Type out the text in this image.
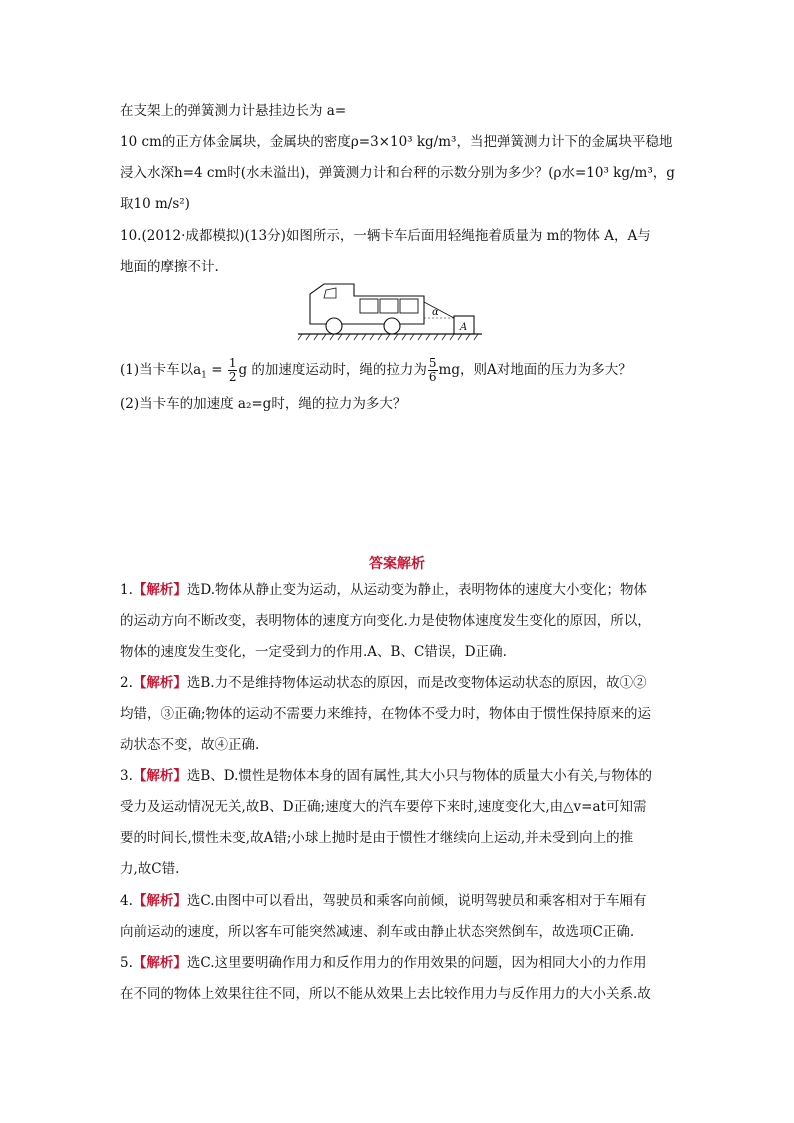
在支架上的弹簧测力计悬挂边长为 a=
10 cm的正方体金属块，金属块的密度ρ=3×10³ kg/m³，当把弹簧测力计下的金属块平稳地
浸入水深h=4 cm时(水未溢出)，弹簧测力计和台秤的示数分别为多少？(ρ水=10³ kg/m³，g
取10 m/s²)
10.(2012·成都模拟)(13分)如图所示，一辆卡车后面用轻绳拖着质量为 m的物体 A，A与
地面的摩擦不计.
α
A
(1)当卡车以$a_1 = \frac{1}{2}$ g 的加速度运动时，绳的拉力为 $\frac{5}{6}$ mg，则A对地面的压力为多大？
(2)当卡车的加速度 a₂=g时，绳的拉力为多大？
答案解析
1.【解析】选D.物体从静止变为运动，从运动变为静止，表明物体的速度大小变化；物体
的运动方向不断改变，表明物体的速度方向变化.力是使物体速度发生变化的原因，所以，
物体的速度发生变化，一定受到力的作用.A、B、C错误，D正确.
2.【解析】选B.力不是维持物体运动状态的原因，而是改变物体运动状态的原因，故①②
均错，③正确;物体的运动不需要力来维持，在物体不受力时，物体由于惯性保持原来的运
动状态不变，故④正确.
3.【解析】选B、D.惯性是物体本身的固有属性,其大小只与物体的质量大小有关,与物体的
受力及运动情况无关,故B、D正确;速度大的汽车要停下来时,速度变化大,由△v=at可知需
要的时间长,惯性未变,故A错;小球上抛时是由于惯性才继续向上运动,并未受到向上的推
力,故C错.
4.【解析】选C.由图中可以看出，驾驶员和乘客向前倾，说明驾驶员和乘客相对于车厢有
向前运动的速度，所以客车可能突然减速、刹车或由静止状态突然倒车，故选项C正确.
5.【解析】选C.这里要明确作用力和反作用力的作用效果的问题，因为相同大小的力作用
在不同的物体上效果往往不同，所以不能从效果上去比较作用力与反作用力的大小关系.故
